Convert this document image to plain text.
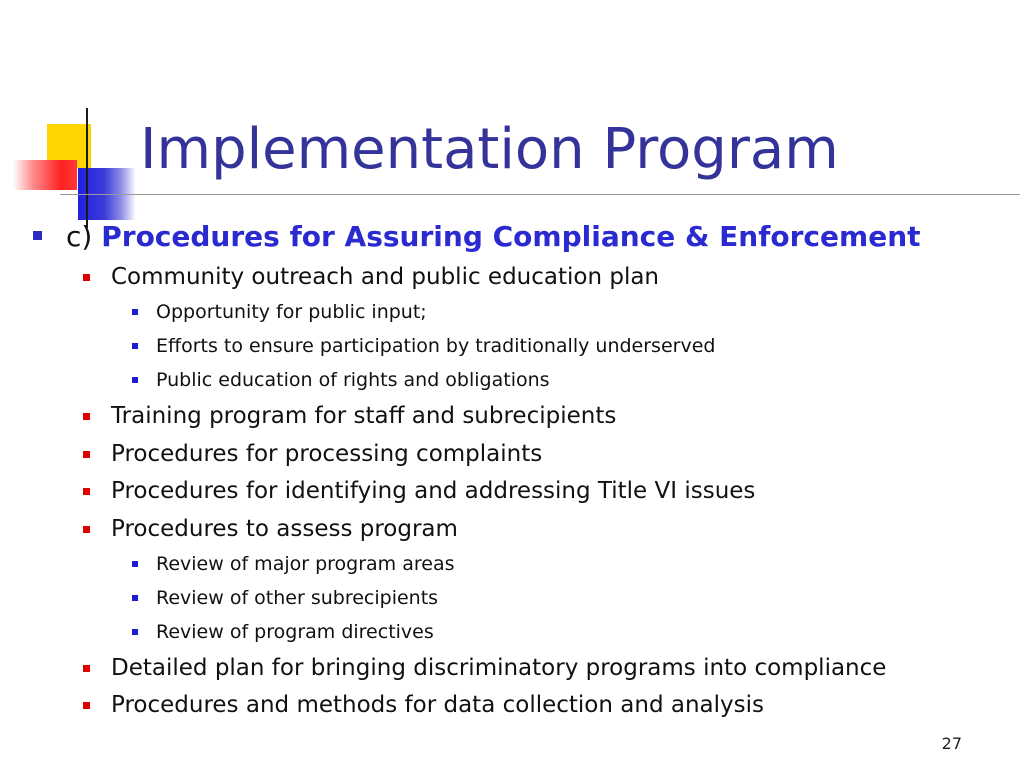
Implementation Program
c) Procedures for Assuring Compliance & Enforcement
Community outreach and public education plan
Opportunity for public input;
Efforts to ensure participation by traditionally underserved
Public education of rights and obligations
Training program for staff and subrecipients
Procedures for processing complaints
Procedures for identifying and addressing Title VI issues
Procedures to assess program
Review of major program areas
Review of other subrecipients
Review of program directives
Detailed plan for bringing discriminatory programs into compliance
Procedures and methods for data collection and analysis
27
